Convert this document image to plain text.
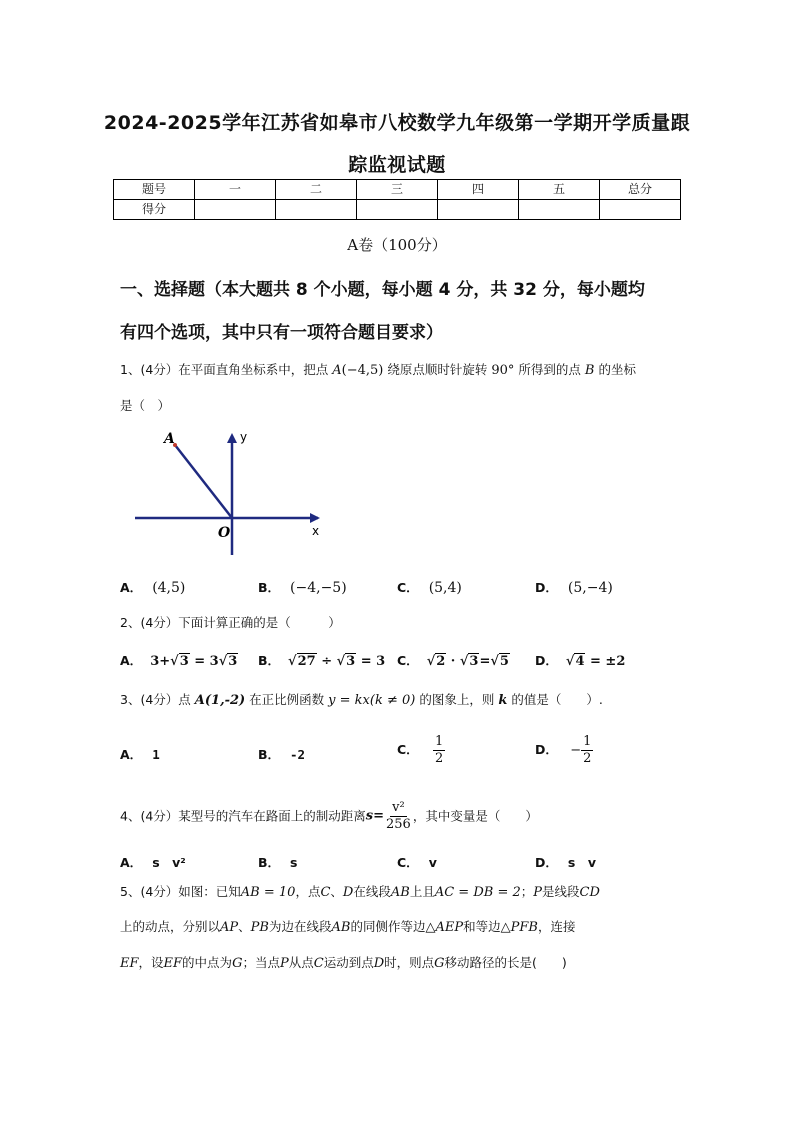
2024-2025学年江苏省如皋市八校数学九年级第一学期开学质量跟
踪监视试题
题号	一	二	三	四	五	总分
得分						
A卷（100分）
一、选择题（本大题共 8 个小题，每小题 4 分，共 32 分，每小题均
有四个选项，其中只有一项符合题目要求）
1、(4分）在平面直角坐标系中，把点 A(−4,5) 绕原点顺时针旋转 90° 所得到的点 B 的坐标
是（　）
A
O	x
y
A． (4,5)	B． (−4,−5)	C． (5,4)	D． (5,−4)
2、(4分）下面计算正确的是（　　　）
A． 3+√3 = 3√3 B． √27 ÷ √3 = 3 C． √2 · √3=√5 D． √4 = ±2
3、(4分）点 A(1,-2) 在正比例函数 y = kx(k ≠ 0) 的图象上，则 k 的值是（　　）.
A． 1	B． -2	C． $\frac{1}{2}$	D． − $\frac{1}{2}$
4、(4分）某型号的汽车在路面上的制动距离$s= \frac{\text{v²}}{256}$ ，其中变量是（　　）
A． s　v²	B． s	C． v	D． s　v
5、(4分）如图：已知AB = 10，点C、D在线段AB上且AC = DB = 2；P是线段CD
上的动点，分别以AP、PB为边在线段AB的同侧作等边△AEP和等边△PFB，连接
EF，设EF的中点为G；当点P从点C运动到点D时，则点G移动路径的长是(　　)
